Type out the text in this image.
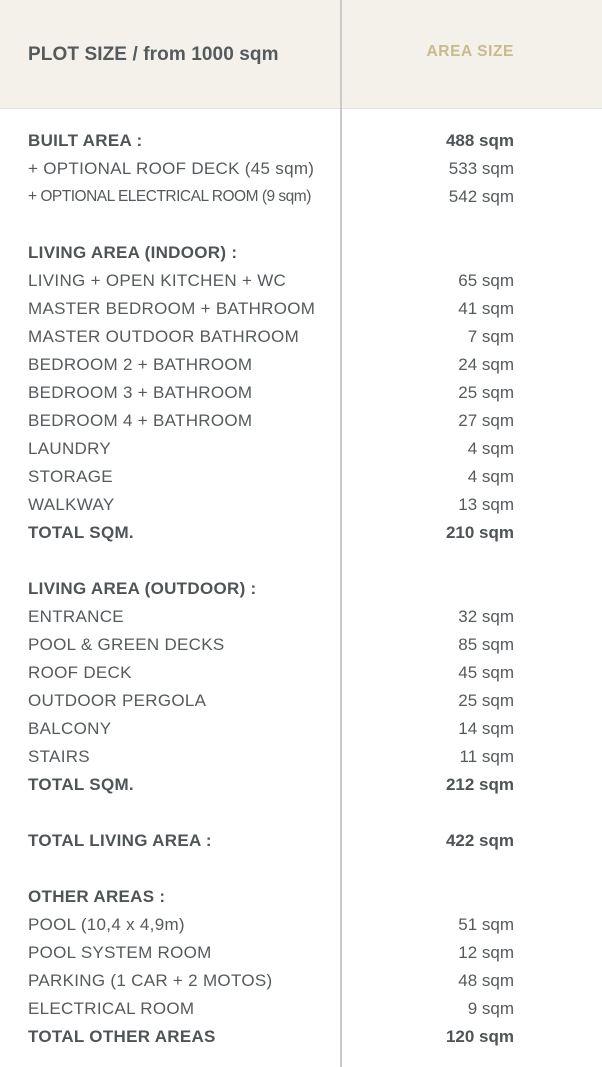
PLOT SIZE / from 1000 sqm	AREA SIZE
BUILT AREA :	488 sqm
+ OPTIONAL ROOF DECK (45 sqm)	533 sqm
+ OPTIONAL ELECTRICAL ROOM (9 sqm)	542 sqm
LIVING AREA (INDOOR) :
LIVING + OPEN KITCHEN + WC	65 sqm
MASTER BEDROOM + BATHROOM	41 sqm
MASTER OUTDOOR BATHROOM	7 sqm
BEDROOM 2 + BATHROOM	24 sqm
BEDROOM 3 + BATHROOM	25 sqm
BEDROOM 4 + BATHROOM	27 sqm
LAUNDRY	4 sqm
STORAGE	4 sqm
WALKWAY	13 sqm
TOTAL SQM.	210 sqm
LIVING AREA (OUTDOOR) :
ENTRANCE	32 sqm
POOL & GREEN DECKS	85 sqm
ROOF DECK	45 sqm
OUTDOOR PERGOLA	25 sqm
BALCONY	14 sqm
STAIRS	11 sqm
TOTAL SQM.	212 sqm
TOTAL LIVING AREA :	422 sqm
OTHER AREAS :
POOL (10,4 x 4,9m)	51 sqm
POOL SYSTEM ROOM	12 sqm
PARKING (1 CAR + 2 MOTOS)	48 sqm
ELECTRICAL ROOM	9 sqm
TOTAL OTHER AREAS	120 sqm
